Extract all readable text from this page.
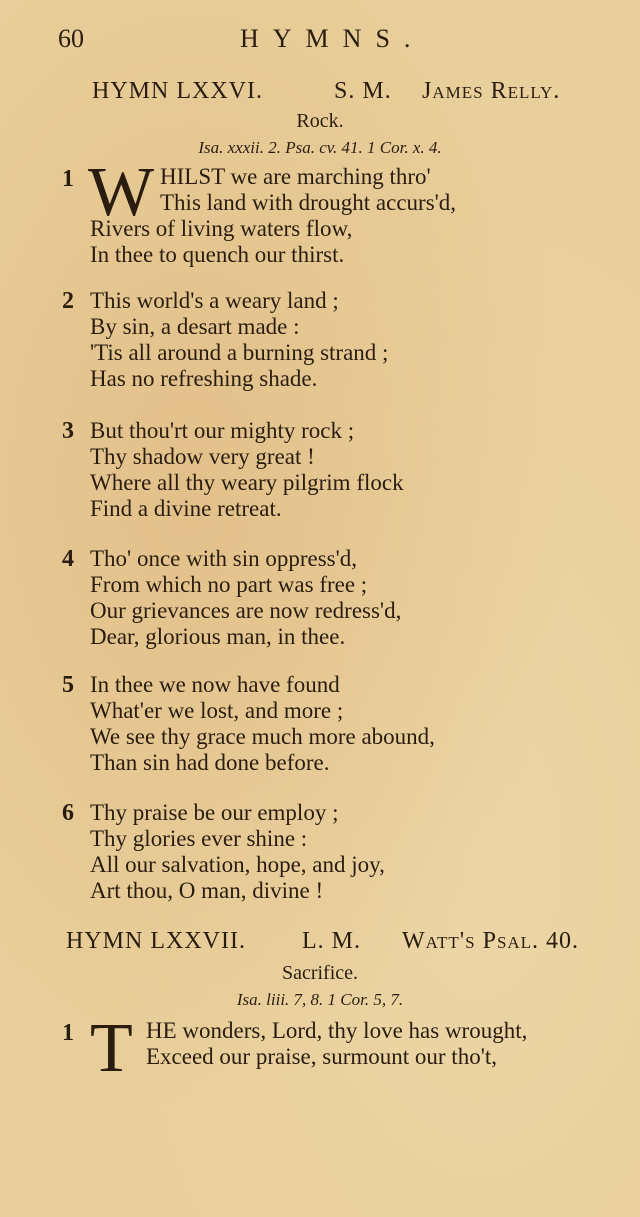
60	HYMNS.
HYMN LXXVI.	S. M. James Relly.
Rock.
Isa. xxxii. 2. Psa. cv. 41. 1 Cor. x. 4.
1 W HILST we are marching thro'
This land with drought accurs'd,
Rivers of living waters flow,
In thee to quench our thirst.
2 This world's a weary land ;
By sin, a desart made :
'Tis all around a burning strand ;
Has no refreshing shade.
3 But thou'rt our mighty rock ;
Thy shadow very great !
Where all thy weary pilgrim flock
Find a divine retreat.
4 Tho' once with sin oppress'd,
From which no part was free ;
Our grievances are now redress'd,
Dear, glorious man, in thee.
5 In thee we now have found
What'er we lost, and more ;
We see thy grace much more abound,
Than sin had done before.
6 Thy praise be our employ ;
Thy glories ever shine :
All our salvation, hope, and joy,
Art thou, O man, divine !
HYMN LXXVII. L. M. Watt's Psal. 40.
Sacrifice.
Isa. liii. 7, 8. 1 Cor. 5, 7.
1 T HE wonders, Lord, thy love has wrought,
Exceed our praise, surmount our tho't,
